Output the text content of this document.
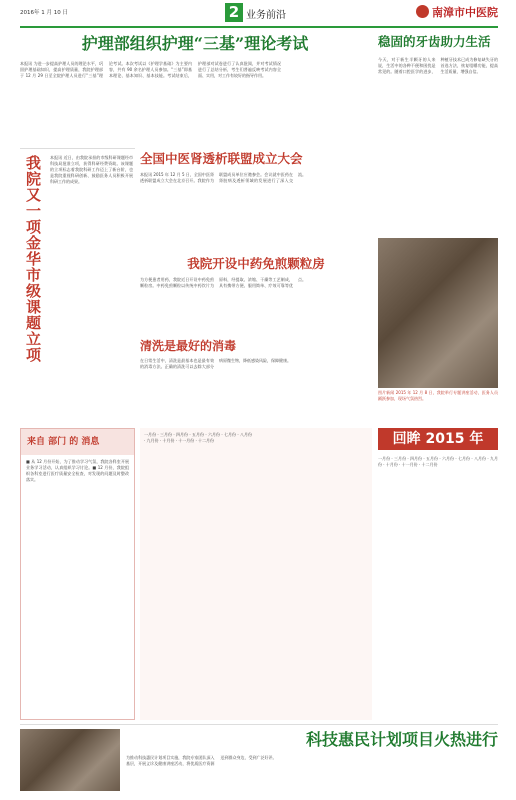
2016年 1 月 10 日	2 业务前沿	南漳市中医院
护理部组织护理“三基”理论考试
本报讯 为进一步提高护理人员的理论水平，巩固护理基础知识，提高护理质量，我院护理部于 12 月 29 日至全院护理人员进行“三基”理论考试。本次考试以《护理学基础》为主要内容，共有 90 余名护理人员参加。“三基”即基本理论、基本知识、基本技能。考试结束后，护理部对试卷进行了认真批阅，并对考试情况进行了总结分析，考生们普遍反映考试内容全面、实用，对工作有较好的指导作用。
稳固的牙齿助力生活
今天，对于新生半颗牙的人来说，生活中的各种不便和困扰是常见的。随着口腔医学的进步，种植牙技术已成为修复缺失牙的首选方法，恢复咀嚼功能，提高生活质量，增强自信。
我院又一项金华市级课题立项	本报讯 近日，由我院承担的市级科研课题经市科技局批准立项，获得科研经费资助。该课题的立项标志着我院科研工作迈上了新台阶，也是我院重视科研创新、鼓励医务人员积极开展科研工作的成果。
全国中医肾透析联盟成立大会
本报讯 2015 年 12 月 5 日，全国中医肾透析联盟成立大会在北京召开。我院作为联盟成员单位应邀参会。会议就中医药在肾脏病及透析领域的发展进行了深入交流。
我院开设中药免煎颗粒房
为方便患者用药，我院近日开设中药免煎颗粒房。中药免煎颗粒以传统中药饮片为原料，经提取、浓缩、干燥等工艺制成，具有携带方便、服用简单、疗效可靠等优点。
清洗是最好的消毒
在日常生活中，清洗是最基本也是最有效的消毒方法。正确的清洗可以去除大部分病原微生物，降低感染风险，保障健康。
图片新闻 2015 年 12 月 8 日，我院举行专题讲座活动，医务人员踊跃参加，现场气氛热烈。
来自 部门 的 消息
■ 从 12 月份开始，为了推动学习气氛，我院各科室开展业务学习活动，认真组织学习讨论。■ 12 月份，我院组织各科室进行医疗质量安全检查，对发现的问题及时整改落实。
一月份 · 三月份 · 四月份 · 五月份 · 六月份 · 七月份 · 八月份 · 九月份 · 十月份 · 十一月份 · 十二月份	回眸 2015 年
一月份 · 三月份 · 四月份 · 五月份 · 六月份 · 七月份 · 八月份 · 九月份 · 十月份 · 十一月份 · 十二月份
科技惠民计划项目火热进行
为推动科技惠民计划项目实施，我院专家团队深入基层，开展义诊及健康讲座活动，将优质医疗资源送到群众身边，受到广泛好评。
